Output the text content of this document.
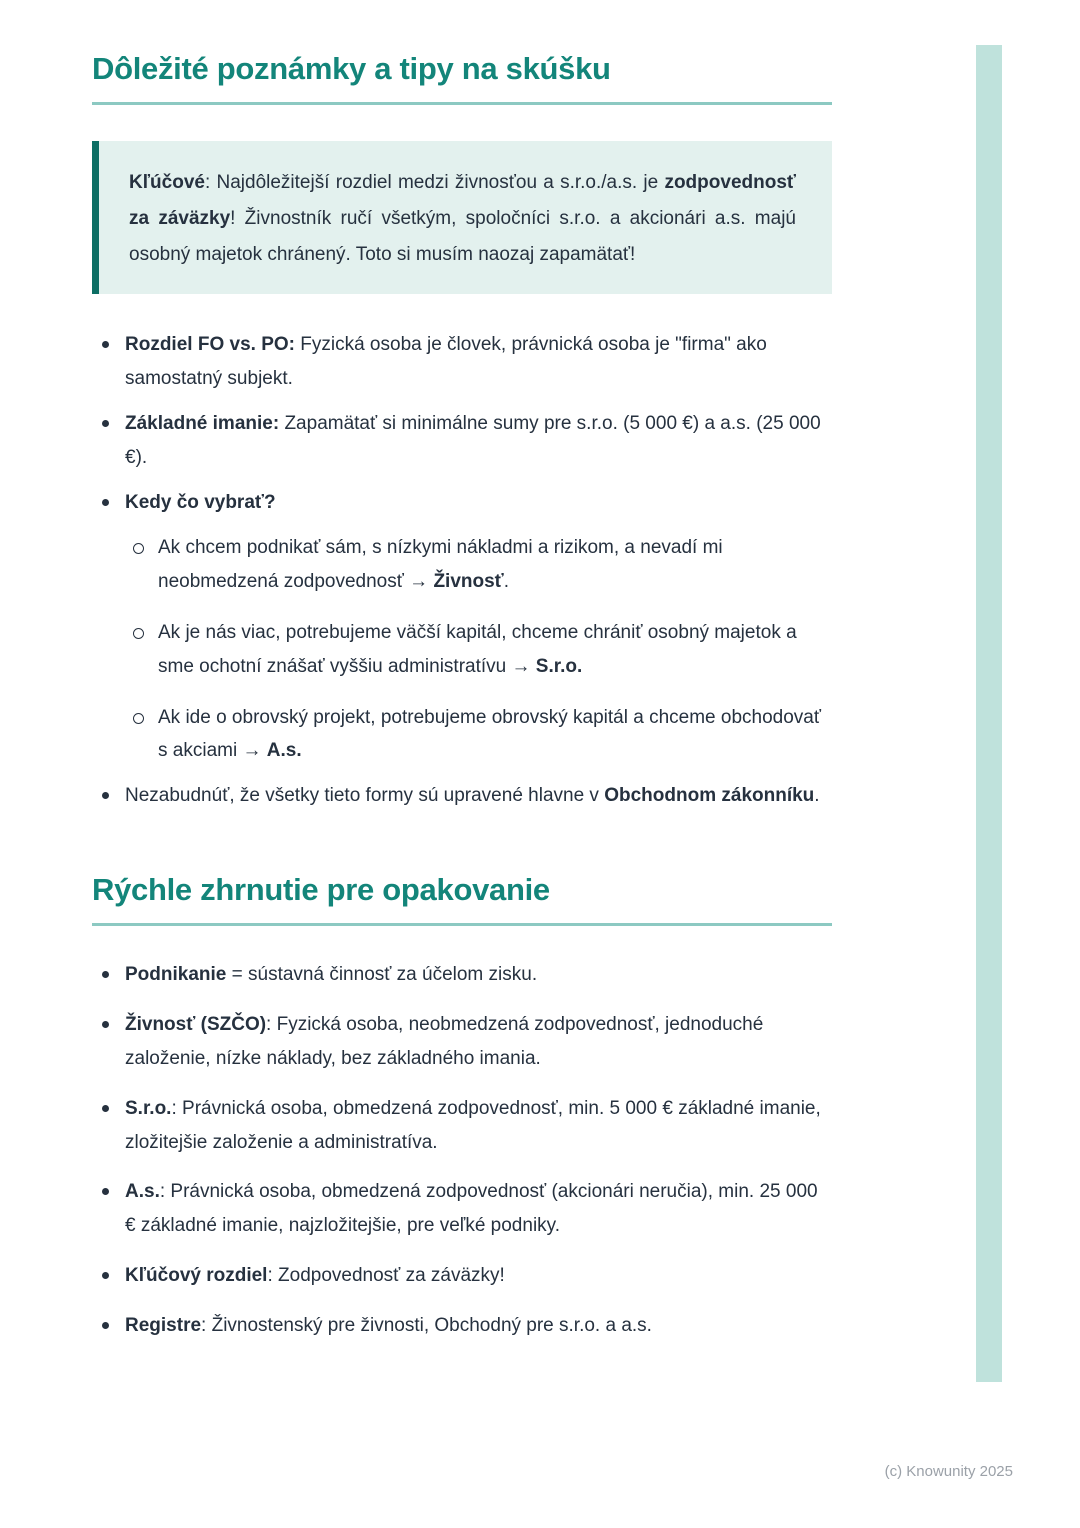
Dôležité poznámky a tipy na skúšku

Kľúčové: Najdôležitejší rozdiel medzi živnosťou a s.r.o./a.s. je zodpovednosť za záväzky! Živnostník ručí všetkým, spoločníci s.r.o. a akcionári a.s. majú osobný majetok chránený. Toto si musím naozaj zapamätať!

Rozdiel FO vs. PO: Fyzická osoba je človek, právnická osoba je "firma" ako samostatný subjekt.
Základné imanie: Zapamätať si minimálne sumy pre s.r.o. (5 000 €) a a.s. (25 000 €).
Kedy čo vybrať?
Ak chcem podnikať sám, s nízkymi nákladmi a rizikom, a nevadí mi neobmedzená zodpovednosť → Živnosť.
Ak je nás viac, potrebujeme väčší kapitál, chceme chrániť osobný majetok a sme ochotní znášať vyššiu administratívu → S.r.o.
Ak ide o obrovský projekt, potrebujeme obrovský kapitál a chceme obchodovať s akciami → A.s.
Nezabudnúť, že všetky tieto formy sú upravené hlavne v Obchodnom zákonníku.
Rýchle zhrnutie pre opakovanie
Podnikanie = sústavná činnosť za účelom zisku.
Živnosť (SZČO): Fyzická osoba, neobmedzená zodpovednosť, jednoduché založenie, nízke náklady, bez základného imania.
S.r.o.: Právnická osoba, obmedzená zodpovednosť, min. 5 000 € základné imanie, zložitejšie založenie a administratíva.
A.s.: Právnická osoba, obmedzená zodpovednosť (akcionári neručia), min. 25 000 € základné imanie, najzložitejšie, pre veľké podniky.
Kľúčový rozdiel: Zodpovednosť za záväzky!
Registre: Živnostenský pre živnosti, Obchodný pre s.r.o. a a.s.
(c) Knowunity 2025
